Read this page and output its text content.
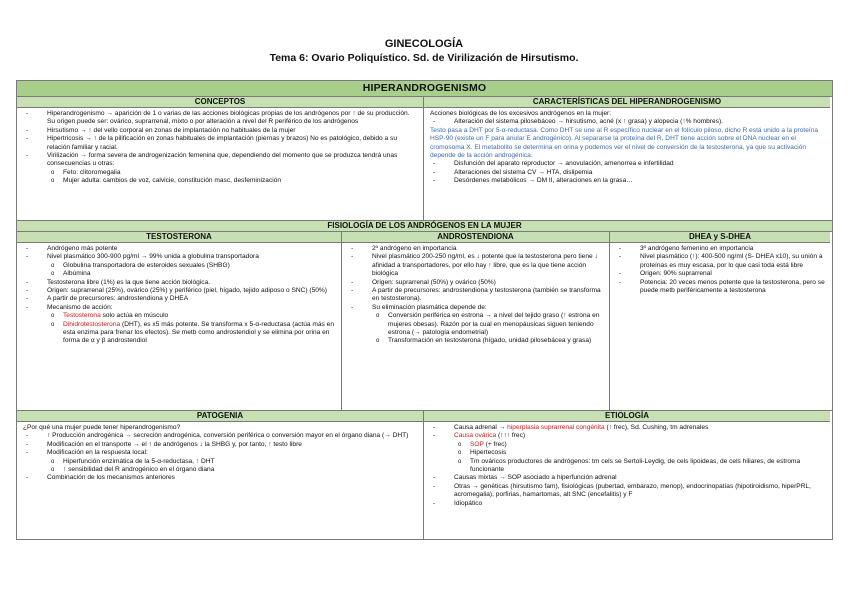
GINECOLOGÍA
Tema 6: Ovario Poliquístico. Sd. de Virilización de Hirsutismo.
HIPERANDROGENISMO
CONCEPTOS
- Hiperandrogenismo → aparición de 1 o varias de las acciones biológicas propias de los andrógenos por ↑ de su producción. Su origen puede ser: ovárico, suprarrenal, mixto o por alteración a nivel del R periférico de los andrógenos
- Hirsutismo → ↑ del vello corporal en zonas de implantación no habituales de la mujer
- Hipertricosis → ↑ de la pilificación en zonas habituales de implantación (piernas y brazos) No es patológico, debido a su relación familiar y racial.
- Virilización → forma severa de androgenización femenina que, dependiendo del momento que se produzca tendrá unas consecuencias u otras:
o Feto: clitoromegalia
o Mujer adulta: cambios de voz, calvicie, constitución masc, desfeminización
CARACTERÍSTICAS DEL HIPERANDROGENISMO
Acciones biológicas de los excesivos andrógenos en la mujer:
- Alteración del sistema pilosebáceo → hirsutismo, acné (x ↑ grasa) y alopecia (↑% hombres).
Testo pasa a DHT por 5-α-reductasa. Como DHT se une al R específico nuclear en el folículo piloso, dicho R está unido a la proteína HSP-90 (existe un F para anular E androgénico). Al separarse la proteína del R, DHT tiene acción sobre el DNA nuclear en el cromosoma X. El metabolito se determina en orina y podemos ver el nivel de conversión de la testosterona, ya que su activación depende de la acción androgénica.
- Disfunción del aparato reproductor → anovulación, amenorrea e infertilidad
- Alteraciones del sistema CV → HTA, dislipemia
- Desórdenes metabólicos → DM II, alteraciones en la grasa…
FISIOLOGÍA DE LOS ANDRÓGENOS EN LA MUJER
TESTOSTERONA
- Andrógeno más potente
- Nivel plasmático 300-900 pg/ml → 99% unida a globulina transportadora
o Globulina transportadora de esteroides sexuales (SHBG)
o Albúmina
- Testosterona libre (1%) es la que tiene acción biológica.
- Origen: suprarrenal (25%), ovárico (25%) y periférico (piel, hígado, tejido adiposo o SNC) (50%)
- A partir de precursores: androstendiona y DHEA
- Mecanismo de acción:
o Testosterona solo actúa en músculo
o Dihidrotestosterona (DHT), es x5 más potente. Se transforma x 5-α-reductasa (actúa más en esta enzima para frenar los efectos). Se metb como androstendiol y se elimina por orina en forma de α y β androstendiol
ANDROSTENDIONA
- 2º andrógeno en importancia
- Nivel plasmático 200-250 ng/ml, es ↓ potente que la testosterona pero tiene ↓ afinidad a transportadores, por ello hay ↑ libre, que es la que tiene acción biológica
- Origen: suprarrenal (50%) y ovárico (50%)
- A partir de precursores: androstendiona y testosterona (también se transforma en testosterona).
- Su eliminación plasmática depende de:
o Conversión periférica en estrona → a nivel del tejido graso (↑ estrona en mujeres obesas). Razón por la cual en menopáusicas siguen teniendo estrona (→ patología endometrial)
o Transformación en testosterona (hígado, unidad pilosebácea y grasa)
DHEA y S-DHEA
- 3º andrógeno femenino en importancia
- Nivel plasmático (↑): 400-500 ng/ml (S- DHEA x10), su unión a proteínas es muy escasa, por lo que casi toda está libre
- Origen: 90% suprarrenal
- Potencia: 20 veces menos potente que la testosterona, pero se puede metb periféricamente a testosterona
PATOGENIA
¿Por qué una mujer puede tener hiperandrogenismo?
- ↑ Producción androgénica → secreción androgénica, conversión periférica o conversión mayor en el órgano diana (→ DHT)
- Modificación en el transporte → el ↑ de andrógenos ↓ la SHBG y, por tanto, ↑ testo libre
- Modificación en la respuesta local:
o Hiperfunción enzimática de la 5-α-reductasa, ↑ DHT
o ↑ sensibilidad del R androgénico en el órgano diana
- Combinación de los mecanismos anteriores
ETIOLOGÍA
- Causa adrenal → hiperplasia suprarrenal congénita (↑ frec), Sd. Cushing, tm adrenales
- Causa ovárica (↑↑↑ frec)
o SOP (+ frec)
o Hipertecosis
o Tm ováricos productores de andrógenos: tm cels se Sertoli-Leydig, de cels lipoideas, de cels hiliares, de estroma funcionante
- Causas mixtas → SOP asociado a hiperfunción adrenal
- Otras → genéticas (hirsutismo fam), fisiológicas (pubertad, embarazo, menop), endocrinopatías (hipotiroidismo, hiperPRL, acromegalia), porfirias, hamartomas, alt SNC (encefalitis) y F
- Idiopático
